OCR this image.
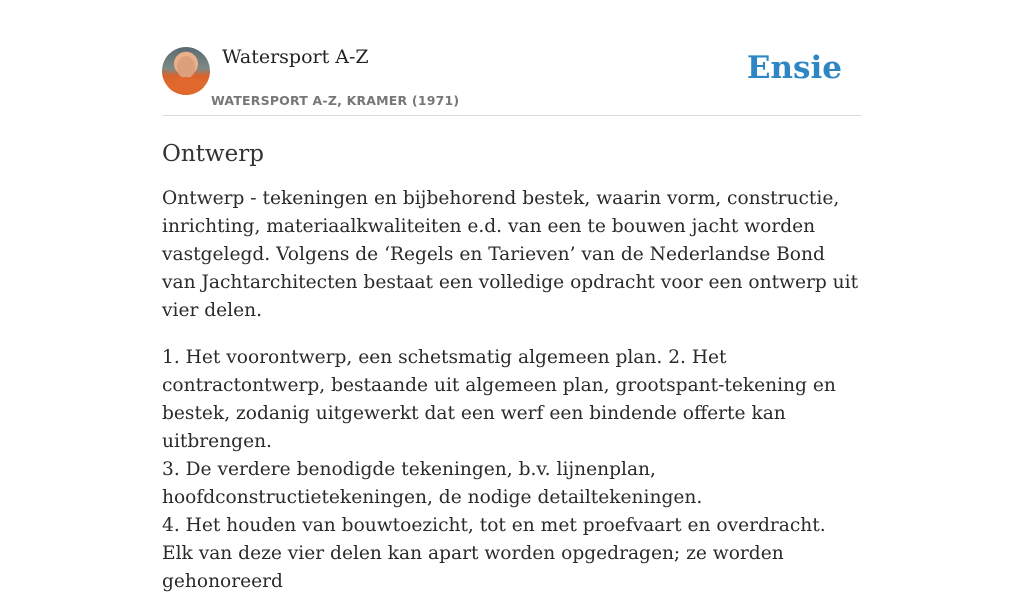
Watersport A-Z
WATERSPORT A-Z, KRAMER (1971)
Ensie
Ontwerp

Ontwerp - tekeningen en bijbehorend bestek, waarin vorm, constructie, inrichting, materiaalkwaliteiten e.d. van een te bouwen jacht worden vastgelegd. Volgens de ‘Regels en Tarieven’ van de Nederlandse Bond van Jachtarchitecten bestaat een volledige opdracht voor een ontwerp uit vier delen.

1. Het voorontwerp, een schetsmatig algemeen plan. 2. Het contractontwerp, bestaande uit algemeen plan, grootspant-tekening en bestek, zodanig uitgewerkt dat een werf een bindende offerte kan uitbrengen.

3. De verdere benodigde tekeningen, b.v. lijnenplan, hoofdconstructietekeningen, de nodige detailtekeningen.

4. Het houden van bouwtoezicht, tot en met proefvaart en overdracht. Elk van deze vier delen kan apart worden opgedragen; ze worden gehonoreerd
